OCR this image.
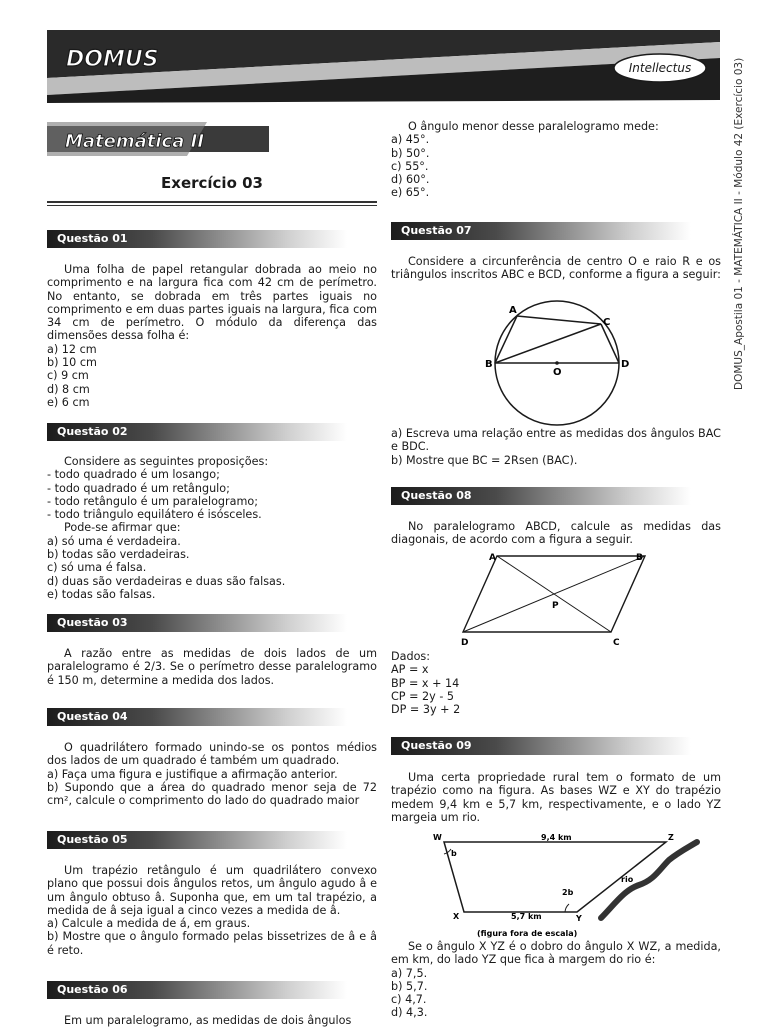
DOMUS	Intellectus	DOMUS_Apostila 01 - MATEMÁTICA II - Módulo 42 (Exercício 03)
Matemática II
Exercício 03
Questão 01

Uma folha de papel retangular dobrada ao meio no comprimento e na largura fica com 42 cm de perímetro. No entanto, se dobrada em três partes iguais no comprimento e em duas partes iguais na largura, fica com 34 cm de perímetro. O módulo da diferença das dimensões dessa folha é:

a) 12 cm
b) 10 cm
c) 9 cm
d) 8 cm
e) 6 cm
Questão 02

Considere as seguintes proposições:

- todo quadrado é um losango;
- todo quadrado é um retângulo;
- todo retângulo é um paralelogramo;
- todo triângulo equilátero é isósceles.

Pode-se afirmar que:

a) só uma é verdadeira.
b) todas são verdadeiras.
c) só uma é falsa.
d) duas são verdadeiras e duas são falsas.
e) todas são falsas.
Questão 03

A razão entre as medidas de dois lados de um paralelogramo é 2/3. Se o perímetro desse paralelogramo é 150 m, determine a medida dos lados.

Questão 04

O quadrilátero formado unindo-se os pontos médios dos lados de um quadrado é também um quadrado.

a) Faça uma figura e justifique a afirmação anterior.

b) Supondo que a área do quadrado menor seja de 72 cm², calcule o comprimento do lado do quadrado maior

Questão 05

Um trapézio retângulo é um quadrilátero convexo plano que possui dois ângulos retos, um ângulo agudo â e um ângulo obtuso â. Suponha que, em um tal trapézio, a medida de â seja igual a cinco vezes a medida de â.

a) Calcule a medida de á, em graus.

b) Mostre que o ângulo formado pelas bissetrizes de â e â é reto.

Questão 06

Em um paralelogramo, as medidas de dois ângulos

O ângulo menor desse paralelogramo mede:

a) 45°.
b) 50°.
c) 55°.
d) 60°.
e) 65°.
Questão 07

Considere a circunferência de centro O e raio R e os triângulos inscritos ABC e BCD, conforme a figura a seguir:

A
B
C
D
O

a) Escreva uma relação entre as medidas dos ângulos BAC e BDC.

b) Mostre que BC = 2Rsen (BAC).

Questão 08

No paralelogramo ABCD, calcule as medidas das diagonais, de acordo com a figura a seguir.

A	B
C
D
P
Dados:
AP = x
BP = x + 14
CP = 2y - 5
DP = 3y + 2
Questão 09

Uma certa propriedade rural tem o formato de um trapézio como na figura. As bases WZ e XY do trapézio medem 9,4 km e 5,7 km, respectivamente, e o lado YZ margeia um rio.

W	Z
X	Y
b
2b
9,4 km
5,7 km
rio
(figura fora de escala)

Se o ângulo X YZ é o dobro do ângulo X WZ, a medida, em km, do lado YZ que fica à margem do rio é:

a) 7,5.
b) 5,7.
c) 4,7.
d) 4,3.
